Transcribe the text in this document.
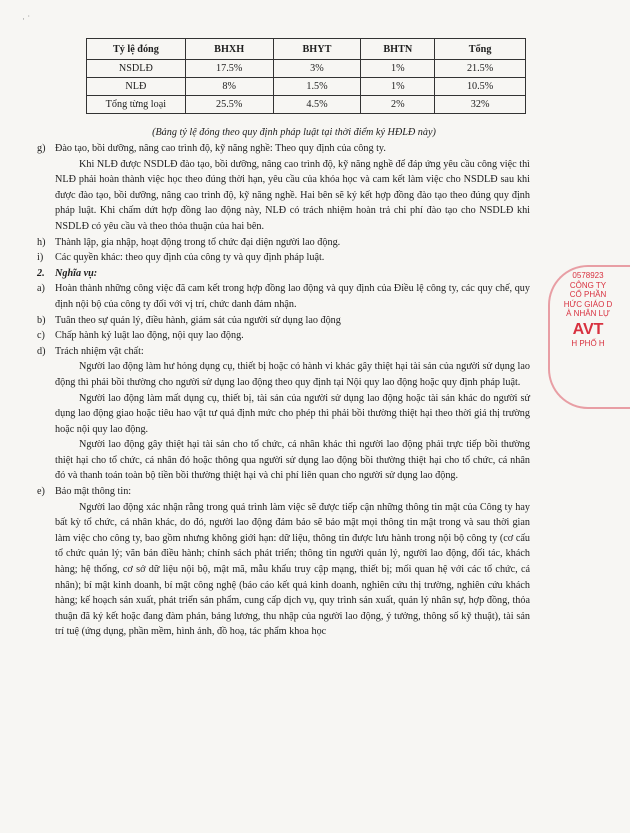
· ˙
Tỷ lệ đóng	BHXH	BHYT	BHTN	Tổng
NSDLĐ	17.5%	3%	1%	21.5%
NLĐ	8%	1.5%	1%	10.5%
Tổng từng loại	25.5%	4.5%	2%	32%
(Bảng tỷ lệ đóng theo quy định pháp luật tại thời điểm ký HĐLĐ này)
g) Đào tạo, bồi dưỡng, nâng cao trình độ, kỹ năng nghề: Theo quy định của công ty.

Khi NLĐ được NSDLĐ đào tạo, bồi dưỡng, nâng cao trình độ, kỹ năng nghề để đáp ứng yêu cầu công việc thì NLĐ phải hoàn thành việc học theo đúng thời hạn, yêu cầu của khóa học và cam kết làm việc cho NSDLĐ sau khi được đào tạo, bồi dưỡng, nâng cao trình độ, kỹ năng nghề. Hai bên sẽ ký kết hợp đồng đào tạo theo đúng quy định pháp luật. Khi chấm dứt hợp đồng lao động này, NLĐ có trách nhiệm hoàn trả chi phí đào tạo cho NSDLĐ khi NSDLĐ có yêu cầu và theo thỏa thuận của hai bên.

h) Thành lập, gia nhập, hoạt động trong tổ chức đại diện người lao động.
i)	Các quyền khác: theo quy định của công ty và quy định pháp luật.
2.	Nghĩa vụ:
a) Hoàn thành những công việc đã cam kết trong hợp đồng lao động và quy định của Điều lệ công ty, các quy chế, quy định nội bộ của công ty đối với vị trí, chức danh đảm nhận.
b) Tuân theo sự quản lý, điều hành, giám sát của người sử dụng lao động
c) Chấp hành kỷ luật lao động, nội quy lao động.
d) Trách nhiệm vật chất:

Người lao động làm hư hỏng dụng cụ, thiết bị hoặc có hành vi khác gây thiệt hại tài sản của người sử dụng lao động thì phải bồi thường cho người sử dụng lao động theo quy định tại Nội quy lao động hoặc quy định pháp luật.

Người lao động làm mất dụng cụ, thiết bị, tài sản của người sử dụng lao động hoặc tài sản khác do người sử dụng lao động giao hoặc tiêu hao vật tư quá định mức cho phép thì phải bồi thường thiệt hại theo thời giá thị trường hoặc nội quy lao động.

Người lao động gây thiệt hại tài sản cho tổ chức, cá nhân khác thì người lao động phải trực tiếp bồi thường thiệt hại cho tổ chức, cá nhân đó hoặc thông qua người sử dụng lao động bồi thường thiệt hại cho tổ chức, cá nhân đó và thanh toán toàn bộ tiền bồi thường thiệt hại và chi phí liên quan cho người sử dụng lao động.

e) Bảo mật thông tin:

Người lao động xác nhận rằng trong quá trình làm việc sẽ được tiếp cận những thông tin mật của Công ty hay bất kỳ tổ chức, cá nhân khác, do đó, người lao động đảm bảo sẽ bảo mật mọi thông tin mật trong và sau thời gian làm việc cho công ty, bao gồm nhưng không giới hạn: dữ liệu, thông tin được lưu hành trong nội bộ công ty (cơ cấu tổ chức quản lý; văn bản điều hành; chính sách phát triển; thông tin người quản lý, người lao động, đối tác, khách hàng; hệ thống, cơ sở dữ liệu nội bộ, mật mã, mẫu khẩu truy cập mạng, thiết bị; mối quan hệ với các tổ chức, cá nhân); bí mật kinh doanh, bí mật công nghệ (báo cáo kết quả kinh doanh, nghiên cứu thị trường, nghiên cứu khách hàng; kế hoạch sản xuất, phát triển sản phẩm, cung cấp dịch vụ, quy trình sản xuất, quản lý nhân sự, hợp đồng, thỏa thuận đã ký kết hoặc đang đàm phán, bảng lương, thu nhập của người lao động, ý tưởng, thông số kỹ thuật), tài sản trí tuệ (ứng dụng, phần mềm, hình ảnh, đồ hoạ, tác phẩm khoa học

0578923
CÔNG TY
CỔ PHẦN
HỨC GIÁO D
À NHÂN LỰ
AVT
H PHỐ H
